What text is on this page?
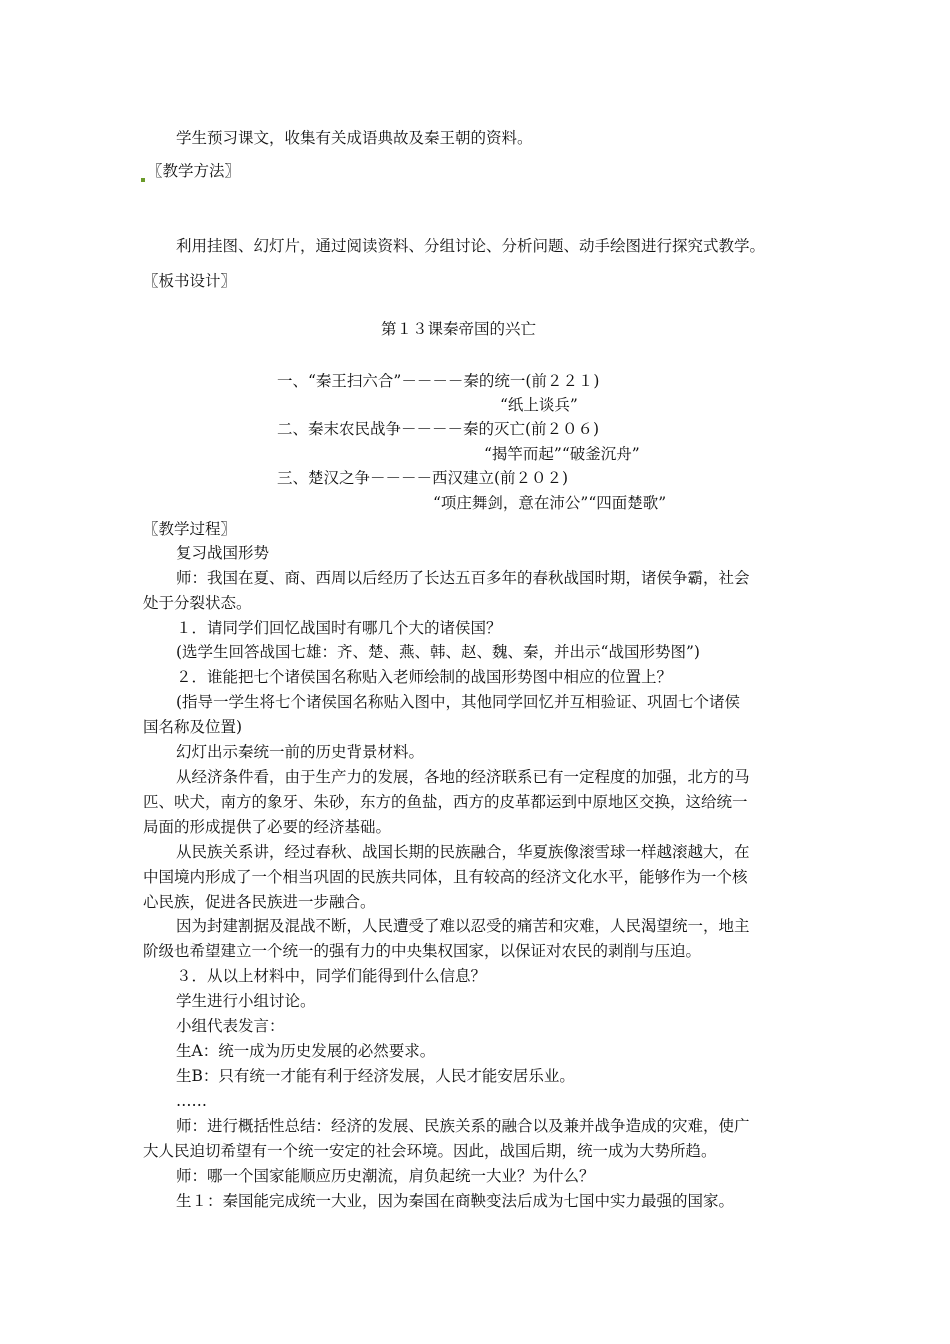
学生预习课文，收集有关成语典故及秦王朝的资料。
〖教学方法〗
利用挂图、幻灯片，通过阅读资料、分组讨论、分析问题、动手绘图进行探究式教学。
〖板书设计〗
第１３课秦帝国的兴亡
一、“秦王扫六合”－－－－秦的统一(前２２１)
“纸上谈兵”
二、秦末农民战争－－－－秦的灭亡(前２０６)
“揭竿而起”“破釜沉舟”
三、楚汉之争－－－－西汉建立(前２０２)
“项庄舞剑，意在沛公”“四面楚歌”
〖教学过程〗
复习战国形势
师：我国在夏、商、西周以后经历了长达五百多年的春秋战国时期，诸侯争霸，社会
处于分裂状态。
１．请同学们回忆战国时有哪几个大的诸侯国？
(选学生回答战国七雄：齐、楚、燕、韩、赵、魏、秦，并出示“战国形势图”)
２．谁能把七个诸侯国名称贴入老师绘制的战国形势图中相应的位置上？
(指导一学生将七个诸侯国名称贴入图中，其他同学回忆并互相验证、巩固七个诸侯
国名称及位置)
幻灯出示秦统一前的历史背景材料。
从经济条件看，由于生产力的发展，各地的经济联系已有一定程度的加强，北方的马
匹、吠犬，南方的象牙、朱砂，东方的鱼盐，西方的皮革都运到中原地区交换，这给统一
局面的形成提供了必要的经济基础。
从民族关系讲，经过春秋、战国长期的民族融合，华夏族像滚雪球一样越滚越大，在
中国境内形成了一个相当巩固的民族共同体，且有较高的经济文化水平，能够作为一个核
心民族，促进各民族进一步融合。
因为封建割据及混战不断，人民遭受了难以忍受的痛苦和灾难，人民渴望统一，地主
阶级也希望建立一个统一的强有力的中央集权国家，以保证对农民的剥削与压迫。
３．从以上材料中，同学们能得到什么信息？
学生进行小组讨论。
小组代表发言：
生A：统一成为历史发展的必然要求。
生B：只有统一才能有利于经济发展，人民才能安居乐业。
……
师：进行概括性总结：经济的发展、民族关系的融合以及兼并战争造成的灾难，使广
大人民迫切希望有一个统一安定的社会环境。因此，战国后期，统一成为大势所趋。
师：哪一个国家能顺应历史潮流，肩负起统一大业？为什么？
生１：秦国能完成统一大业，因为秦国在商鞅变法后成为七国中实力最强的国家。
